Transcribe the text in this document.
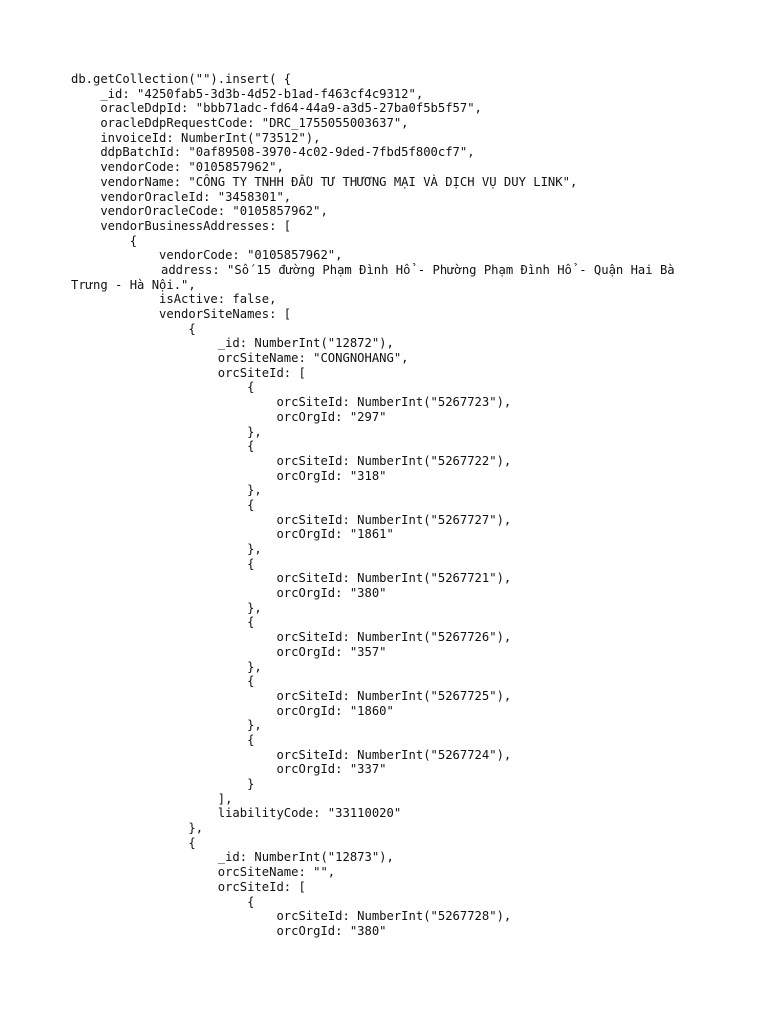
db.getCollection("").insert( {
_id: "4250fab5-3d3b-4d52-b1ad-f463cf4c9312",
oracleDdpId: "bbb71adc-fd64-44a9-a3d5-27ba0f5b5f57",
oracleDdpRequestCode: "DRC_1755055003637",
invoiceId: NumberInt("73512"),
ddpBatchId: "0af89508-3970-4c02-9ded-7fbd5f800cf7",
vendorCode: "0105857962",
vendorName: "CÔNG TY TNHH ĐẦU TƯ THƯƠNG MẠI VÀ DỊCH VỤ DUY LINK",
vendorOracleId: "3458301",
vendorOracleCode: "0105857962",
vendorBusinessAddresses: [
{
vendorCode: "0105857962",
address: "Số 15 đường Phạm Đình Hổ - Phường Phạm Đình Hổ - Quận Hai Bà
Trưng - Hà Nội.",
isActive: false,
vendorSiteNames: [
{
_id: NumberInt("12872"),
orcSiteName: "CONGNOHANG",
orcSiteId: [
{
orcSiteId: NumberInt("5267723"),
orcOrgId: "297"
},
{
orcSiteId: NumberInt("5267722"),
orcOrgId: "318"
},
{
orcSiteId: NumberInt("5267727"),
orcOrgId: "1861"
},
{
orcSiteId: NumberInt("5267721"),
orcOrgId: "380"
},
{
orcSiteId: NumberInt("5267726"),
orcOrgId: "357"
},
{
orcSiteId: NumberInt("5267725"),
orcOrgId: "1860"
},
{
orcSiteId: NumberInt("5267724"),
orcOrgId: "337"
}
],
liabilityCode: "33110020"
},
{
_id: NumberInt("12873"),
orcSiteName: "",
orcSiteId: [
{
orcSiteId: NumberInt("5267728"),
orcOrgId: "380"
